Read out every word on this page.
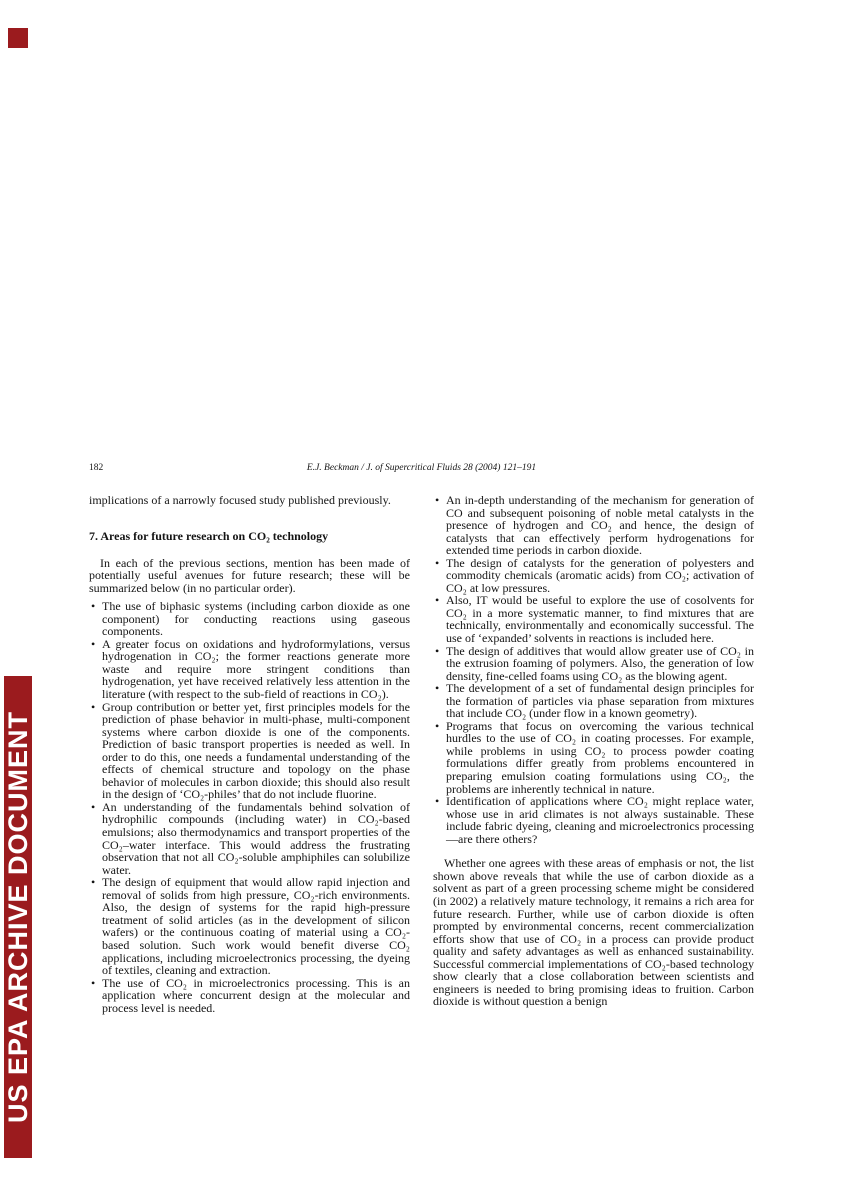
US EPA ARCHIVE DOCUMENT
182	E.J. Beckman / J. of Supercritical Fluids 28 (2004) 121–191

implications of a narrowly focused study published previously.

7. Areas for future research on CO₂ technology

In each of the previous sections, mention has been made of potentially useful avenues for future research; these will be summarized below (in no particular order).

• The use of biphasic systems (including carbon dioxide as one component) for conducting reactions using gaseous components.
• A greater focus on oxidations and hydroformylations, versus hydrogenation in CO₂; the former reactions generate more waste and require more stringent conditions than hydrogenation, yet have received relatively less attention in the literature (with respect to the sub-field of reactions in CO₂).
• Group contribution or better yet, first principles models for the prediction of phase behavior in multi-phase, multi-component systems where carbon dioxide is one of the components. Prediction of basic transport properties is needed as well. In order to do this, one needs a fundamental understanding of the effects of chemical structure and topology on the phase behavior of molecules in carbon dioxide; this should also result in the design of ‘CO₂-philes’ that do not include fluorine.
• An understanding of the fundamentals behind solvation of hydrophilic compounds (including water) in CO₂-based emulsions; also thermodynamics and transport properties of the CO₂–water interface. This would address the frustrating observation that not all CO₂-soluble amphiphiles can solubilize water.
• The design of equipment that would allow rapid injection and removal of solids from high pressure, CO₂-rich environments. Also, the design of systems for the rapid high-pressure treatment of solid articles (as in the development of silicon wafers) or the continuous coating of material using a CO₂-based solution. Such work would benefit diverse CO₂ applications, including microelectronics processing, the dyeing of textiles, cleaning and extraction.
• The use of CO₂ in microelectronics processing. This is an application where concurrent design at the molecular and process level is needed.
• An in-depth understanding of the mechanism for generation of CO and subsequent poisoning of noble metal catalysts in the presence of hydrogen and CO₂ and hence, the design of catalysts that can effectively perform hydrogenations for extended time periods in carbon dioxide.
• The design of catalysts for the generation of polyesters and commodity chemicals (aromatic acids) from CO₂; activation of CO₂ at low pressures.
• Also, IT would be useful to explore the use of cosolvents for CO₂ in a more systematic manner, to find mixtures that are technically, environmentally and economically successful. The use of ‘expanded’ solvents in reactions is included here.
• The design of additives that would allow greater use of CO₂ in the extrusion foaming of polymers. Also, the generation of low density, fine-celled foams using CO₂ as the blowing agent.
• The development of a set of fundamental design principles for the formation of particles via phase separation from mixtures that include CO₂ (under flow in a known geometry).
• Programs that focus on overcoming the various technical hurdles to the use of CO₂ in coating processes. For example, while problems in using CO₂ to process powder coating formulations differ greatly from problems encountered in preparing emulsion coating formulations using CO₂, the problems are inherently technical in nature.
• Identification of applications where CO₂ might replace water, whose use in arid climates is not always sustainable. These include fabric dyeing, cleaning and microelectronics processing—are there others?

Whether one agrees with these areas of emphasis or not, the list shown above reveals that while the use of carbon dioxide as a solvent as part of a green processing scheme might be considered (in 2002) a relatively mature technology, it remains a rich area for future research. Further, while use of carbon dioxide is often prompted by environmental concerns, recent commercialization efforts show that use of CO₂ in a process can provide product quality and safety advantages as well as enhanced sustainability. Successful commercial implementations of CO₂-based technology show clearly that a close collaboration between scientists and engineers is needed to bring promising ideas to fruition. Carbon dioxide is without question a benign
